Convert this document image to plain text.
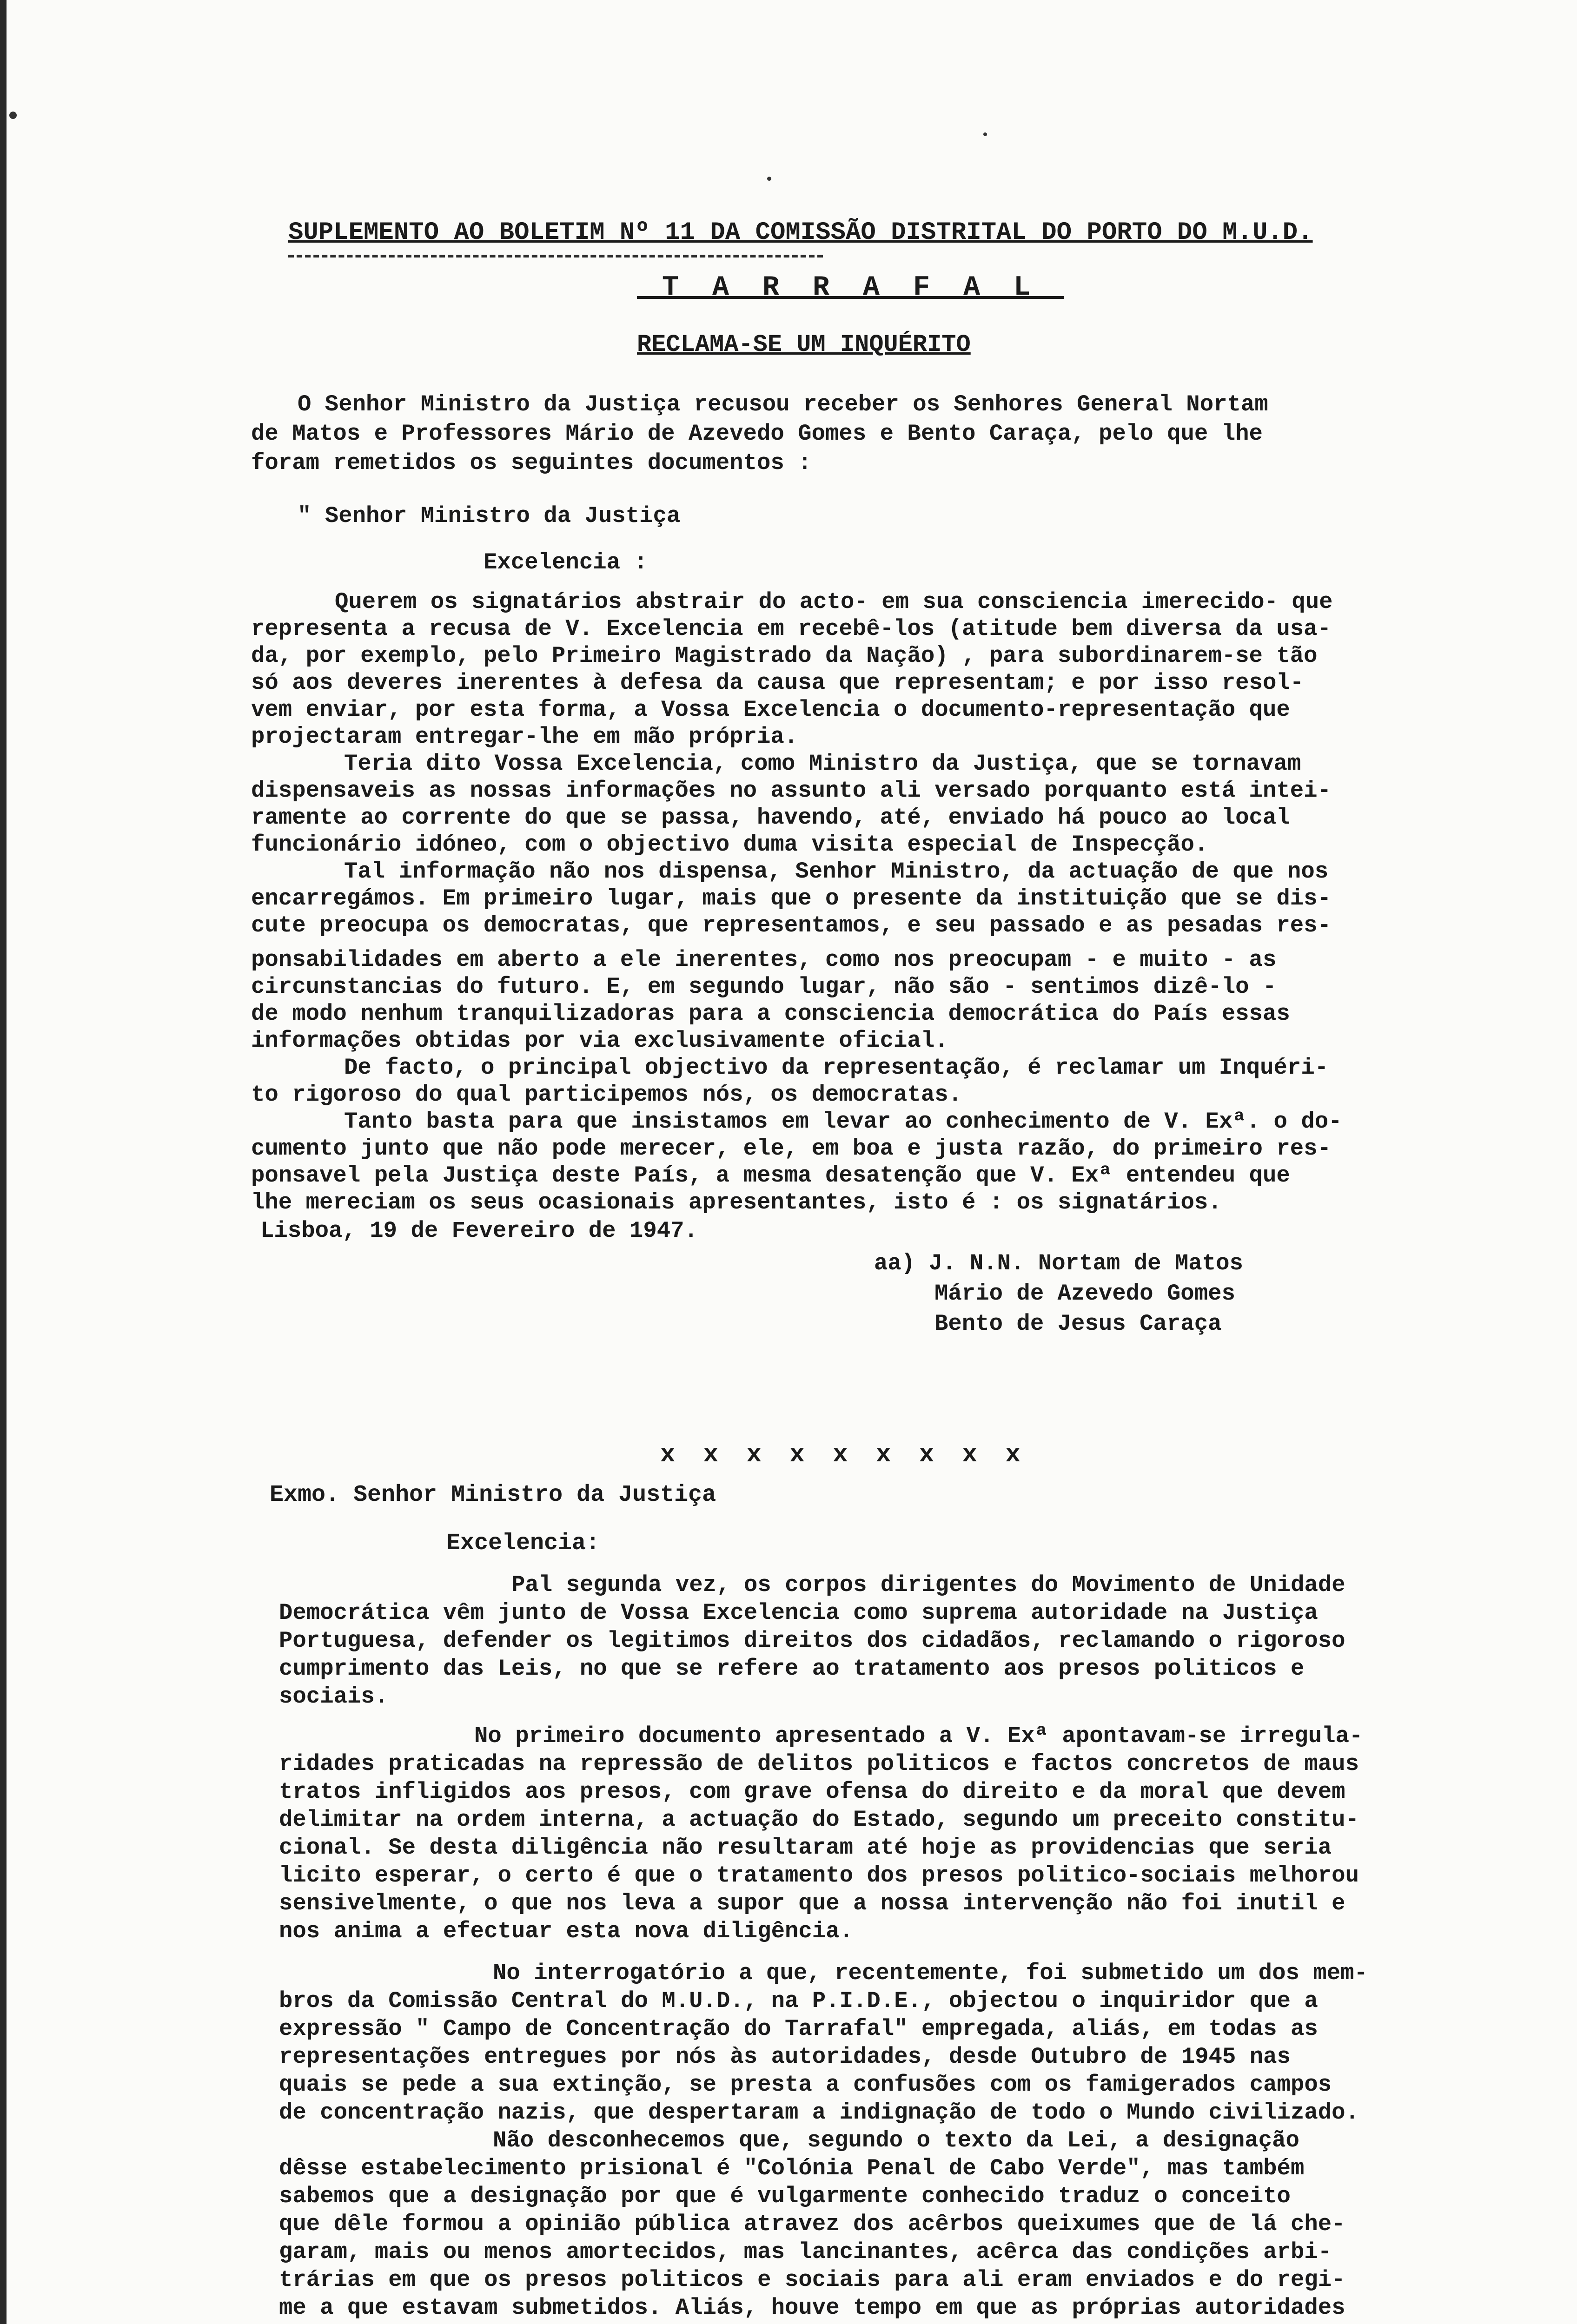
SUPLEMENTO AO BOLETIM Nº 11 DA COMISSÃO DISTRITAL DO PORTO DO M.U.D.
_T A R R A F A L_
RECLAMA-SE UM INQUÉRITO
O Senhor Ministro da Justiça recusou receber os Senhores General Nortam
de Matos e Professores Mário de Azevedo Gomes e Bento Caraça, pelo que lhe
foram remetidos os seguintes documentos :
" Senhor Ministro da Justiça
Excelencia :
Querem os signatários abstrair do acto- em sua consciencia imerecido- que
representa a recusa de V. Excelencia em recebê-los (atitude bem diversa da usa-
da, por exemplo, pelo Primeiro Magistrado da Nação) , para subordinarem-se tão
só aos deveres inerentes à defesa da causa que representam; e por isso resol-
vem enviar, por esta forma, a Vossa Excelencia o documento-representação que
projectaram entregar-lhe em mão própria.
Teria dito Vossa Excelencia, como Ministro da Justiça, que se tornavam
dispensaveis as nossas informações no assunto ali versado porquanto está intei-
ramente ao corrente do que se passa, havendo, até, enviado há pouco ao local
funcionário idóneo, com o objectivo duma visita especial de Inspecção.
Tal informação não nos dispensa, Senhor Ministro, da actuação de que nos
encarregámos. Em primeiro lugar, mais que o presente da instituição que se dis-
cute preocupa os democratas, que representamos, e seu passado e as pesadas res-
ponsabilidades em aberto a ele inerentes, como nos preocupam - e muito - as
circunstancias do futuro. E, em segundo lugar, não são - sentimos dizê-lo -
de modo nenhum tranquilizadoras para a consciencia democrática do País essas
informações obtidas por via exclusivamente oficial.
De facto, o principal objectivo da representação, é reclamar um Inquéri-
to rigoroso do qual participemos nós, os democratas.
Tanto basta para que insistamos em levar ao conhecimento de V. Exª. o do-
cumento junto que não pode merecer, ele, em boa e justa razão, do primeiro res-
ponsavel pela Justiça deste País, a mesma desatenção que V. Exª entendeu que
lhe mereciam os seus ocasionais apresentantes, isto é : os signatários.
Lisboa, 19 de Fevereiro de 1947.
aa) J. N.N. Nortam de Matos
Mário de Azevedo Gomes
Bento de Jesus Caraça
x x x x x x x x x
Exmo. Senhor Ministro da Justiça
Excelencia:
Pal segunda vez, os corpos dirigentes do Movimento de Unidade
Democrática vêm junto de Vossa Excelencia como suprema autoridade na Justiça
Portuguesa, defender os legitimos direitos dos cidadãos, reclamando o rigoroso
cumprimento das Leis, no que se refere ao tratamento aos presos politicos e
sociais.
No primeiro documento apresentado a V. Exª apontavam-se irregula-
ridades praticadas na repressão de delitos politicos e factos concretos de maus
tratos infligidos aos presos, com grave ofensa do direito e da moral que devem
delimitar na ordem interna, a actuação do Estado, segundo um preceito constitu-
cional. Se desta diligência não resultaram até hoje as providencias que seria
licito esperar, o certo é que o tratamento dos presos politico-sociais melhorou
sensivelmente, o que nos leva a supor que a nossa intervenção não foi inutil e
nos anima a efectuar esta nova diligência.
No interrogatório a que, recentemente, foi submetido um dos mem-
bros da Comissão Central do M.U.D., na P.I.D.E., objectou o inquiridor que a
expressão " Campo de Concentração do Tarrafal" empregada, aliás, em todas as
representações entregues por nós às autoridades, desde Outubro de 1945 nas
quais se pede a sua extinção, se presta a confusões com os famigerados campos
de concentração nazis, que despertaram a indignação de todo o Mundo civilizado.
Não desconhecemos que, segundo o texto da Lei, a designação
dêsse estabelecimento prisional é "Colónia Penal de Cabo Verde", mas também
sabemos que a designação por que é vulgarmente conhecido traduz o conceito
que dêle formou a opinião pública atravez dos acêrbos queixumes que de lá che-
garam, mais ou menos amortecidos, mas lancinantes, acêrca das condições arbi-
trárias em que os presos politicos e sociais para ali eram enviados e do regi-
me a que estavam submetidos. Aliás, houve tempo em que as próprias autoridades
